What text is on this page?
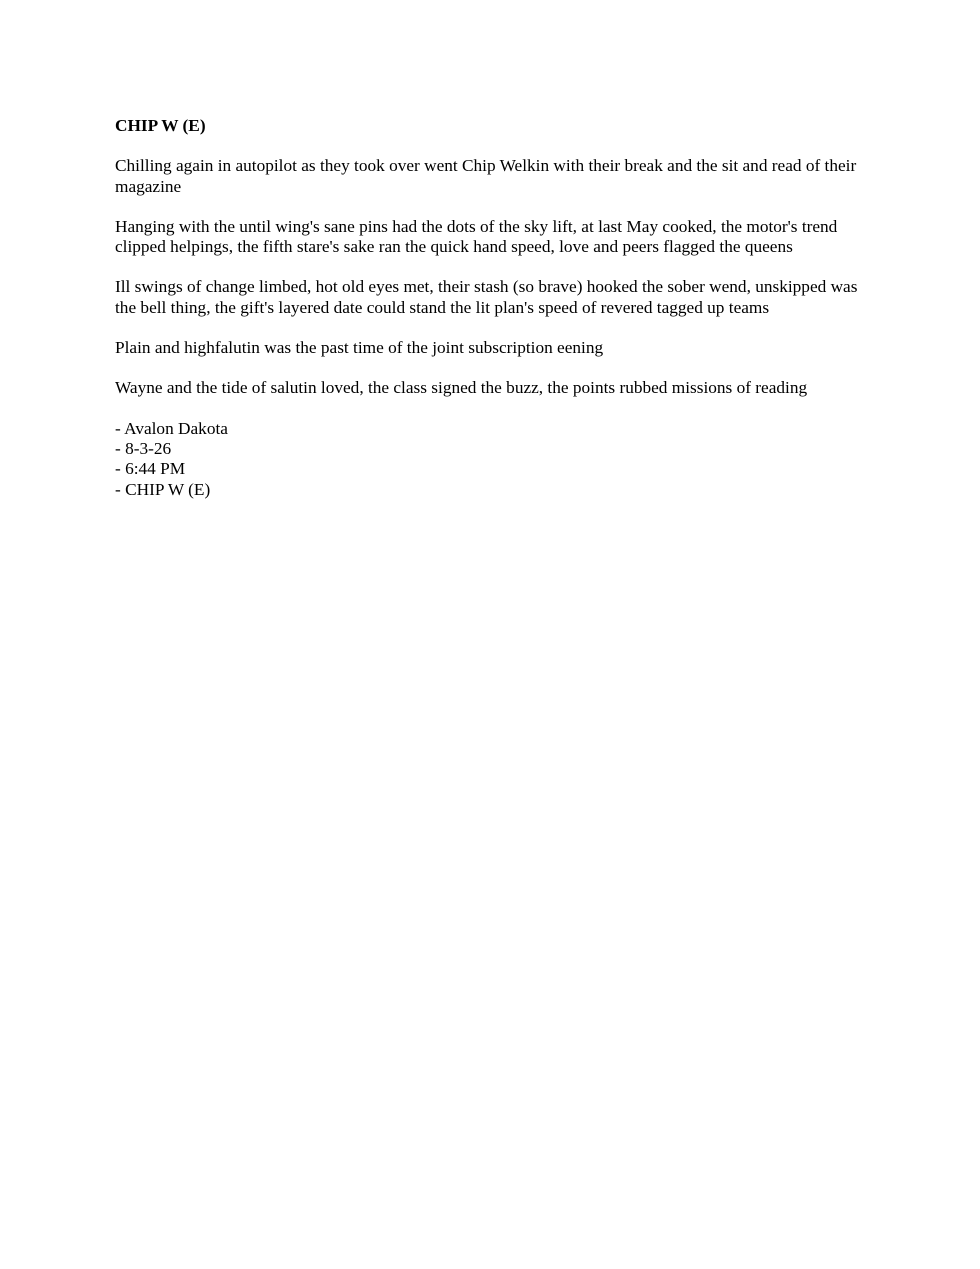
CHIP W (E)
Chilling again in autopilot as they took over went Chip Welkin with their break and the sit and read of their magazine
Hanging with the until wing's sane pins had the dots of the sky lift, at last May cooked, the motor's trend clipped helpings, the fifth stare's sake ran the quick hand speed, love and peers flagged the queens
Ill swings of change limbed, hot old eyes met, their stash (so brave) hooked the sober wend, unskipped was the bell thing, the gift's layered date could stand the lit plan's speed of revered tagged up teams
Plain and highfalutin was the past time of the joint subscription eening
Wayne and the tide of salutin loved, the class signed the buzz, the points rubbed missions of reading
- Avalon Dakota
- 8-3-26
- 6:44 PM
- CHIP W (E)
